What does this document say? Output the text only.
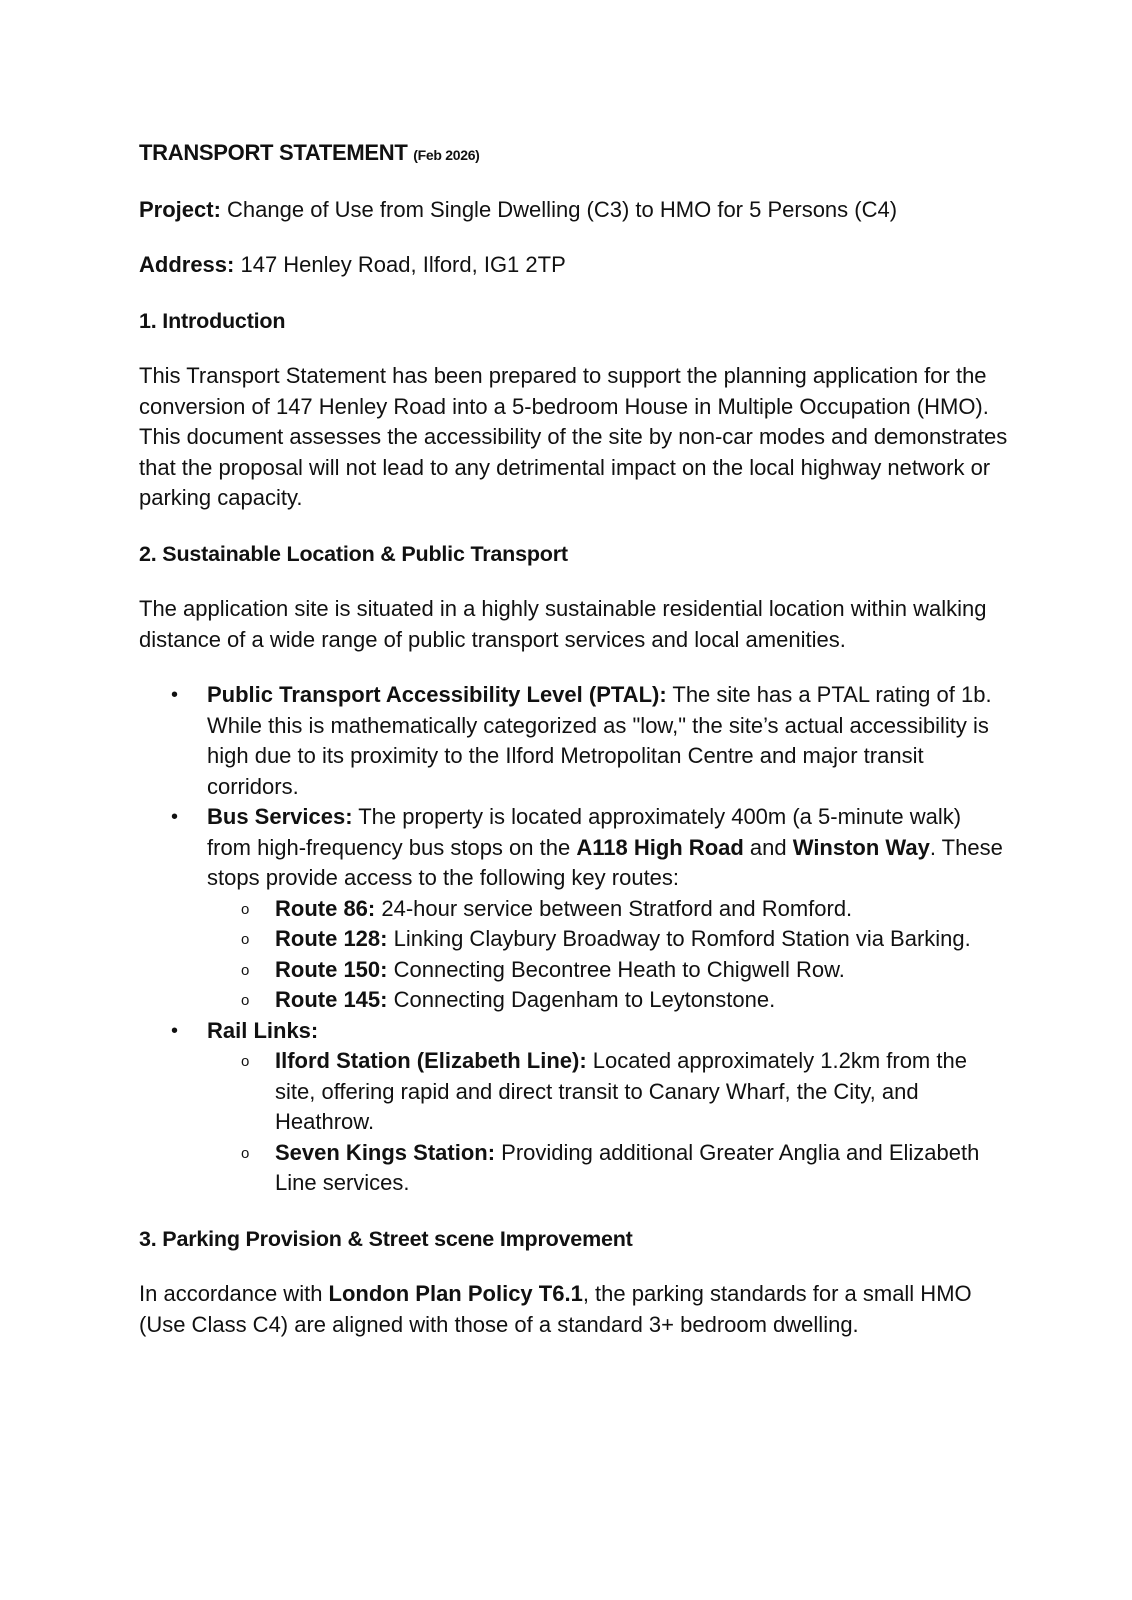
TRANSPORT STATEMENT (Feb 2026)

Project: Change of Use from Single Dwelling (C3) to HMO for 5 Persons (C4)

Address: 147 Henley Road, Ilford, IG1 2TP

1. Introduction

This Transport Statement has been prepared to support the planning application for the conversion of 147 Henley Road into a 5-bedroom House in Multiple Occupation (HMO). This document assesses the accessibility of the site by non-car modes and demonstrates that the proposal will not lead to any detrimental impact on the local highway network or parking capacity.

2. Sustainable Location & Public Transport

The application site is situated in a highly sustainable residential location within walking distance of a wide range of public transport services and local amenities.

• Public Transport Accessibility Level (PTAL): The site has a PTAL rating of 1b. While this is mathematically categorized as "low," the site’s actual accessibility is high due to its proximity to the Ilford Metropolitan Centre and major transit corridors.
• Bus Services: The property is located approximately 400m (a 5-minute walk) from high-frequency bus stops on the A118 High Road and Winston Way. These stops provide access to the following key routes:
o Route 86: 24-hour service between Stratford and Romford.
o Route 128: Linking Claybury Broadway to Romford Station via Barking.
o Route 150: Connecting Becontree Heath to Chigwell Row.
o Route 145: Connecting Dagenham to Leytonstone.
• Rail Links:
o Ilford Station (Elizabeth Line): Located approximately 1.2km from the site, offering rapid and direct transit to Canary Wharf, the City, and Heathrow.
o Seven Kings Station: Providing additional Greater Anglia and Elizabeth Line services.

3. Parking Provision & Street scene Improvement

In accordance with London Plan Policy T6.1, the parking standards for a small HMO (Use Class C4) are aligned with those of a standard 3+ bedroom dwelling.
